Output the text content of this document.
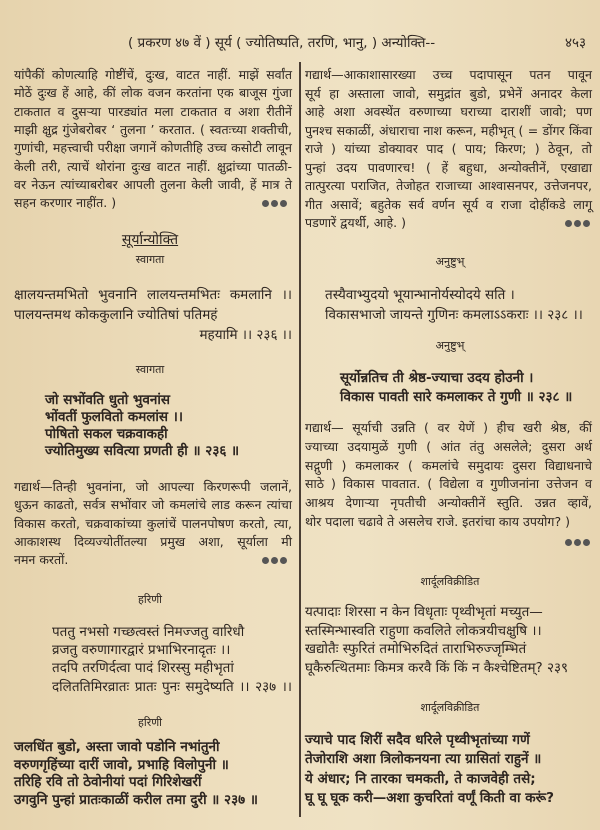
( प्रकरण ४७ वें ) सूर्य ( ज्योतिष्पति, तरणि, भानु, ) अन्योक्ति--	४५३
यांपैकीं कोणत्याहि गोष्टींचें, दुःख, वाटत नाहीं. माझें सर्वांत
मोठें दुःख हें आहे, कीं लोक वजन करतांना एक बाजूस गुंजा
टाकतात व दुसऱ्या पारड्यांत मला टाकतात व अशा रीतीनें
माझी क्षुद्र गुंजेबरोबर ‘ तुलना ’ करतात. ( स्वतःच्या शक्तीची,
गुणांची, महत्त्वाची परीक्षा जगानें कोणतीहि उच्च कसोटी लावून
केली तरी, त्याचें थोरांना दुःख वाटत नाहीं. क्षुद्रांच्या पातळी-
वर नेऊन त्यांच्याबरोबर आपली तुलना केली जावी, हें मात्र ते
सहन करणार नाहींत. )
सूर्यान्योक्ति
स्वागता
क्षालयन्तमभितो भुवनानि लालयन्तमभितः कमलानि ।।
पालयन्तमथ कोककुलानि ज्योतिषां पतिमहं
महयामि ।। २३६ ।।
स्वागता
जो सभोंवति धुतो भुवनांस
भोंवतीं फुलवितो कमलांस ।।
पोषितो सकल चक्रवाकही
ज्योतिमुख्य सवित्या प्रणती ही ॥ २३६ ॥
गद्यार्थ—तिन्ही भुवनांना, जो आपल्या किरणरूपी जलानें,
धुऊन काढतो, सर्वत्र सभोंवार जो कमलांचे लाड करून त्यांचा
विकास करतो, चक्रवाकांच्या कुलांचें पालनपोषण करतो, त्या,
आकाशस्थ दिव्यज्योतींतल्या प्रमुख अशा, सूर्याला मी
नमन करतों.
हरिणी
पततु नभसो गच्छत्वस्तं निमज्जतु वारिधौ
व्रजतु वरुणागारद्वारं प्रभाभिरनादृतः ।।
तदपि तरणिर्दत्वा पादं शिरस्सु महीभृतां
दलिततिमिरव्रातः प्रातः पुनः समुदेष्यति ।। २३७ ।।
हरिणी
जलधिंत बुडो, अस्ता जावो पडोनि नभांतुनी
वरुणगृहिंच्या दारीं जावो, प्रभाहि विलोपुनी ॥
तरिहि रवि तो ठेवोनीयां पदां गिरिशेखरीं
उगवुनि पुन्हां प्रातःकाळीं करील तमा दुरी ॥ २३७ ॥
गद्यार्थ—आकाशासारख्या उच्च पदापासून पतन पावून
सूर्य हा अस्ताला जावो, समुद्रांत बुडो, प्रभेनें अनादर केला
आहे अशा अवस्थेंत वरुणाच्या घराच्या दाराशीं जावो; पण
पुनश्च सकाळीं, अंधाराचा नाश करून, महीभृत् ( = डोंगर किंवा
राजे ) यांच्या डोक्यावर पाद ( पाय; किरण; ) ठेवून, तो
पुन्हां उदय पावणारच! ( हें बहुधा, अन्योक्तीनें, एखाद्या
तात्पुरत्या पराजित, तेजोहत राजाच्या आश्वासनपर, उत्तेजनपर,
गीत असावें; बहुतेक सर्व वर्णन सूर्य व राजा दोहींकडे लागू
पडणारें द्वयर्थी, आहे. )
अनुष्टुभ्
तस्यैवाभ्युदयो भूयान्भानोर्यस्योदये सति ।
विकासभाजो जायन्ते गुणिनः कमलाऽऽकराः ।। २३८ ।।
अनुष्टुभ्
सूर्योन्नतिच ती श्रेष्ठ-ज्याचा उदय होउनी ।
विकास पावती सारे कमलाकर ते गुणी ॥ २३८ ॥
गद्यार्थ— सूर्याची उन्नति ( वर येणें ) हीच खरी श्रेष्ठ, कीं
ज्याच्या उदयामुळें गुणी ( आंत तंतु असलेले; दुसरा अर्थ
सद्गुणी ) कमलाकर ( कमलांचे समुदायः दुसरा विद्याधनाचे
साठे ) विकास पावतात. ( विद्येला व गुणीजनांना उत्तेजन व
आश्रय देणाऱ्या नृपतीची अन्योक्तीनें स्तुति. उन्नत व्हावें,
थोर पदाला चढावे ते असलेच राजे. इतरांचा काय उपयोग? )
शार्दूलविक्रीडित
यत्पादाः शिरसा न केन विधृताः पृथ्वीभृतां मच्युत—
स्तस्मिन्भास्वति राहुणा कवलिते लोकत्रयीचक्षुषि ।।
खद्योतैः स्फुरितं तमोभिरुदितं ताराभिरुज्जृम्भितं
घूकैरुत्थितमाः किमत्र करवै किं किं न कैश्चेष्टितम्? २३९
शार्दूलविक्रीडित
ज्याचे पाद शिरीं सदैव धरिले पृथ्वीभृतांच्या गणें
तेजोराशि अशा त्रिलोकनयना त्या ग्रासितां राहुनें ॥
ये अंधार; नि तारका चमकती, ते काजवेही तसे;
घू घू घूक करी—अशा कुचरितां वर्णूं किती वा करूं?
